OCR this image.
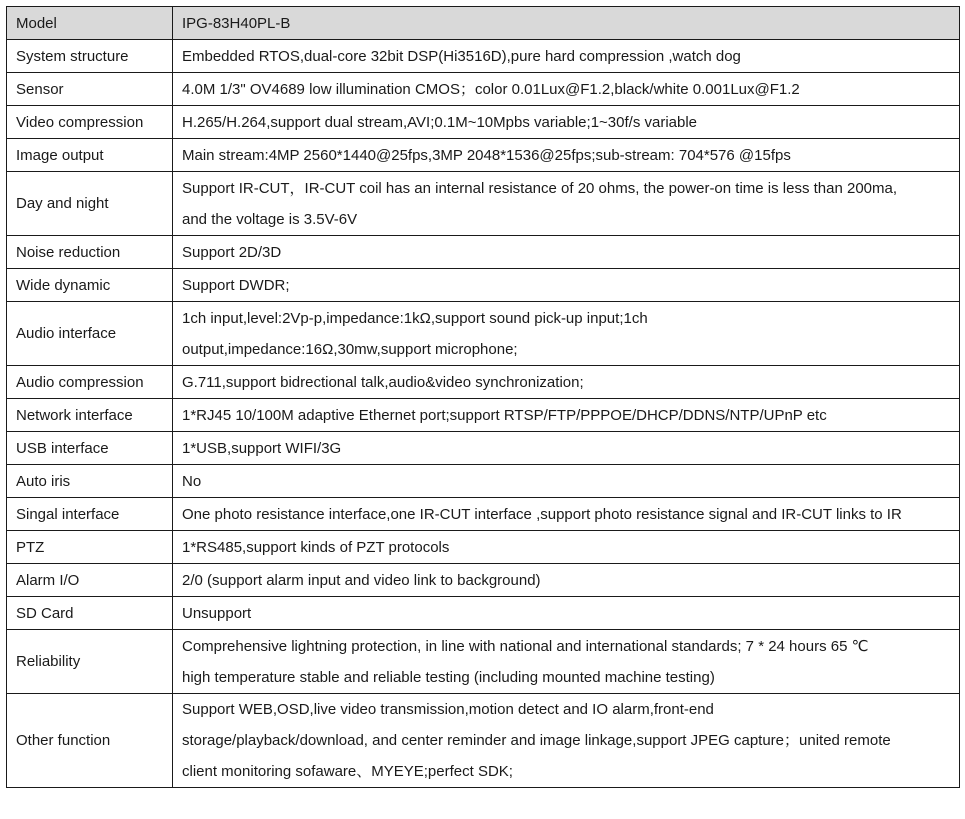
Model	IPG-83H40PL-B
System structure	Embedded RTOS,dual-core 32bit DSP(Hi3516D),pure hard compression ,watch dog

Sensor	4.0M 1/3" OV4689 low illumination CMOS；color 0.01Lux@F1.2,black/white 0.001Lux@F1.2

Video compression	H.265/H.264,support dual stream,AVI;0.1M~10Mpbs variable;1~30f/s variable

Image output	Main stream:4MP 2560*1440@25fps,3MP 2048*1536@25fps;sub-stream: 704*576 @15fps

Day and night	Support IR-CUT，IR-CUT coil has an internal resistance of 20 ohms, the power-on time is less than 200ma,
and the voltage is 3.5V-6V

Noise reduction	Support 2D/3D

Wide dynamic	Support DWDR;

Audio interface	1ch input,level:2Vp-p,impedance:1kΩ,support sound pick-up input;1ch
output,impedance:16Ω,30mw,support microphone;

Audio compression	G.711,support bidrectional talk,audio&video synchronization;

Network interface	1*RJ45 10/100M adaptive Ethernet port;support RTSP/FTP/PPPOE/DHCP/DDNS/NTP/UPnP etc

USB interface	1*USB,support WIFI/3G

Auto iris	No

Singal interface	One photo resistance interface,one IR-CUT interface ,support photo resistance signal and IR-CUT links to IR

PTZ	1*RS485,support kinds of PZT protocols

Alarm I/O	2/0 (support alarm input and video link to background)

SD Card	Unsupport

Reliability	Comprehensive lightning protection, in line with national and international standards; 7 * 24 hours 65 ℃
high temperature stable and reliable testing (including mounted machine testing)

Other function	Support WEB,OSD,live video transmission,motion detect and IO alarm,front-end
storage/playback/download, and center reminder and image linkage,support JPEG capture；united remote
client monitoring sofaware、MYEYE;perfect SDK;
